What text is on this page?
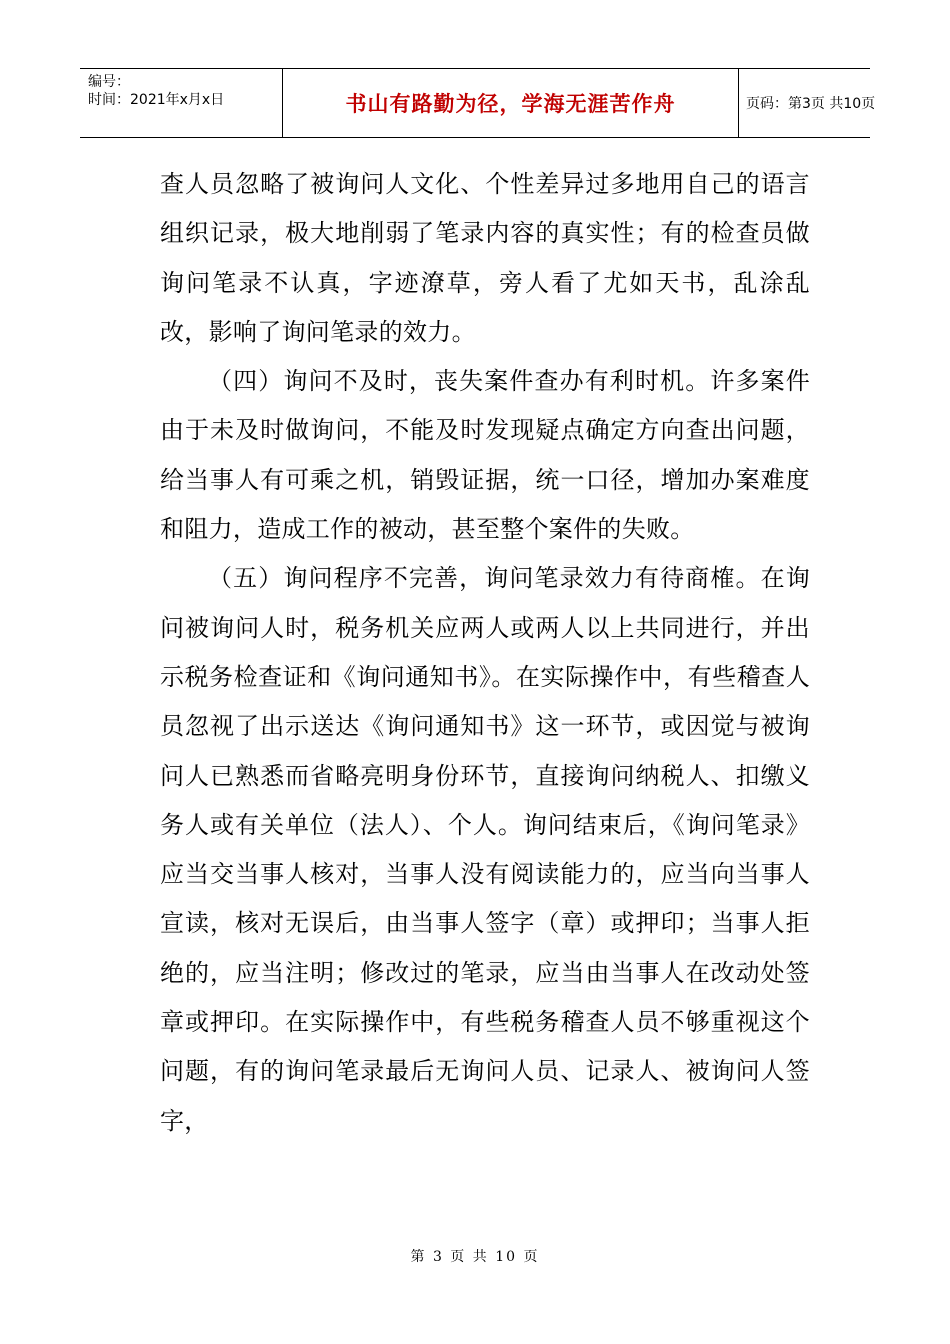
编号：
时间：2021年x月x日	书山有路勤为径，学海无涯苦作舟	页码：第3页 共10页

查人员忽略了被询问人文化、个性差异过多地用自己的语言组织记录，极大地削弱了笔录内容的真实性；有的检查员做询问笔录不认真，字迹潦草，旁人看了尤如天书，乱涂乱改，影响了询问笔录的效力。

（四）询问不及时，丧失案件查办有利时机。许多案件由于未及时做询问，不能及时发现疑点确定方向查出问题，给当事人有可乘之机，销毁证据，统一口径，增加办案难度和阻力，造成工作的被动，甚至整个案件的失败。

（五）询问程序不完善，询问笔录效力有待商榷。在询问被询问人时，税务机关应两人或两人以上共同进行，并出示税务检查证和《询问通知书》。在实际操作中，有些稽查人员忽视了出示送达《询问通知书》这一环节，或因觉与被询问人已熟悉而省略亮明身份环节，直接询问纳税人、扣缴义务人或有关单位（法人）、个人。询问结束后，《询问笔录》应当交当事人核对，当事人没有阅读能力的，应当向当事人宣读，核对无误后，由当事人签字（章）或押印；当事人拒绝的，应当注明；修改过的笔录，应当由当事人在改动处签章或押印。在实际操作中，有些税务稽查人员不够重视这个问题，有的询问笔录最后无询问人员、记录人、被询问人签字，

第 3 页 共 10 页
